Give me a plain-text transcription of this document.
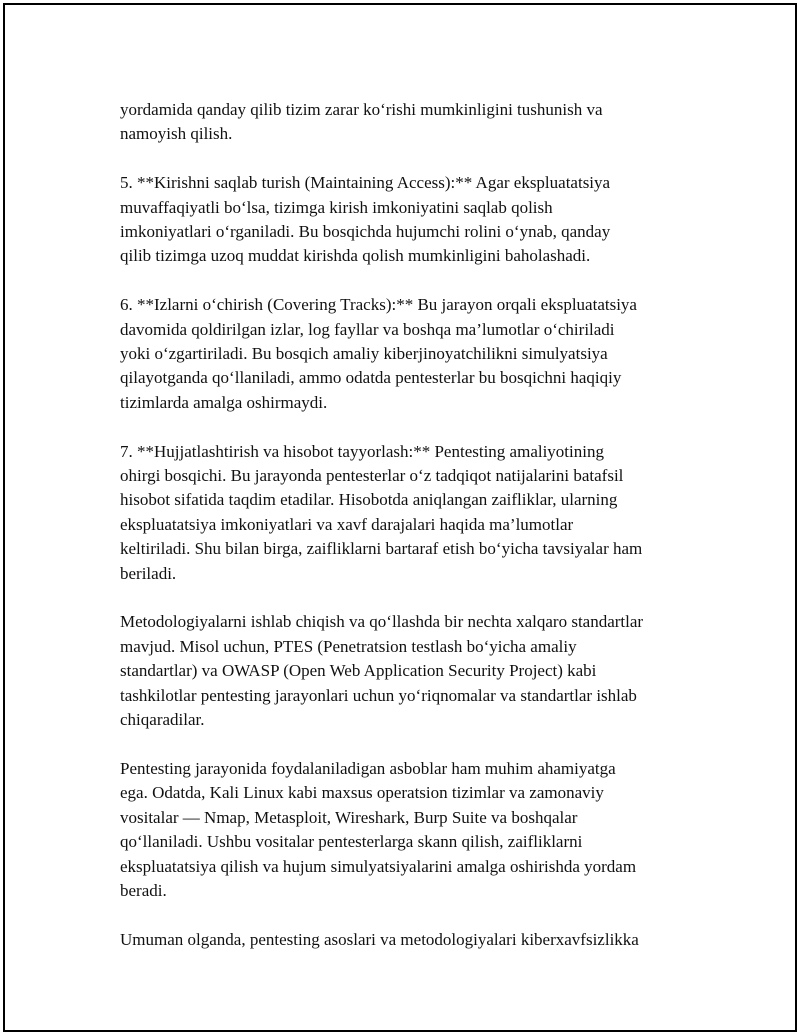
yordamida qanday qilib tizim zarar ko‘rishi mumkinligini tushunish va
namoyish qilish.

5. **Kirishni saqlab turish (Maintaining Access):** Agar ekspluatatsiya
muvaffaqiyatli bo‘lsa, tizimga kirish imkoniyatini saqlab qolish
imkoniyatlari o‘rganiladi. Bu bosqichda hujumchi rolini o‘ynab, qanday
qilib tizimga uzoq muddat kirishda qolish mumkinligini baholashadi.

6. **Izlarni o‘chirish (Covering Tracks):** Bu jarayon orqali ekspluatatsiya
davomida qoldirilgan izlar, log fayllar va boshqa ma’lumotlar o‘chiriladi
yoki o‘zgartiriladi. Bu bosqich amaliy kiberjinoyatchilikni simulyatsiya
qilayotganda qo‘llaniladi, ammo odatda pentesterlar bu bosqichni haqiqiy
tizimlarda amalga oshirmaydi.

7. **Hujjatlashtirish va hisobot tayyorlash:** Pentesting amaliyotining
ohirgi bosqichi. Bu jarayonda pentesterlar o‘z tadqiqot natijalarini batafsil
hisobot sifatida taqdim etadilar. Hisobotda aniqlangan zaifliklar, ularning
ekspluatatsiya imkoniyatlari va xavf darajalari haqida ma’lumotlar
keltiriladi. Shu bilan birga, zaifliklarni bartaraf etish bo‘yicha tavsiyalar ham
beriladi.

Metodologiyalarni ishlab chiqish va qo‘llashda bir nechta xalqaro standartlar
mavjud. Misol uchun, PTES (Penetratsion testlash bo‘yicha amaliy
standartlar) va OWASP (Open Web Application Security Project) kabi
tashkilotlar pentesting jarayonlari uchun yo‘riqnomalar va standartlar ishlab
chiqaradilar.

Pentesting jarayonida foydalaniladigan asboblar ham muhim ahamiyatga
ega. Odatda, Kali Linux kabi maxsus operatsion tizimlar va zamonaviy
vositalar — Nmap, Metasploit, Wireshark, Burp Suite va boshqalar
qo‘llaniladi. Ushbu vositalar pentesterlarga skann qilish, zaifliklarni
ekspluatatsiya qilish va hujum simulyatsiyalarini amalga oshirishda yordam
beradi.

Umuman olganda, pentesting asoslari va metodologiyalari kiberxavfsizlikka
